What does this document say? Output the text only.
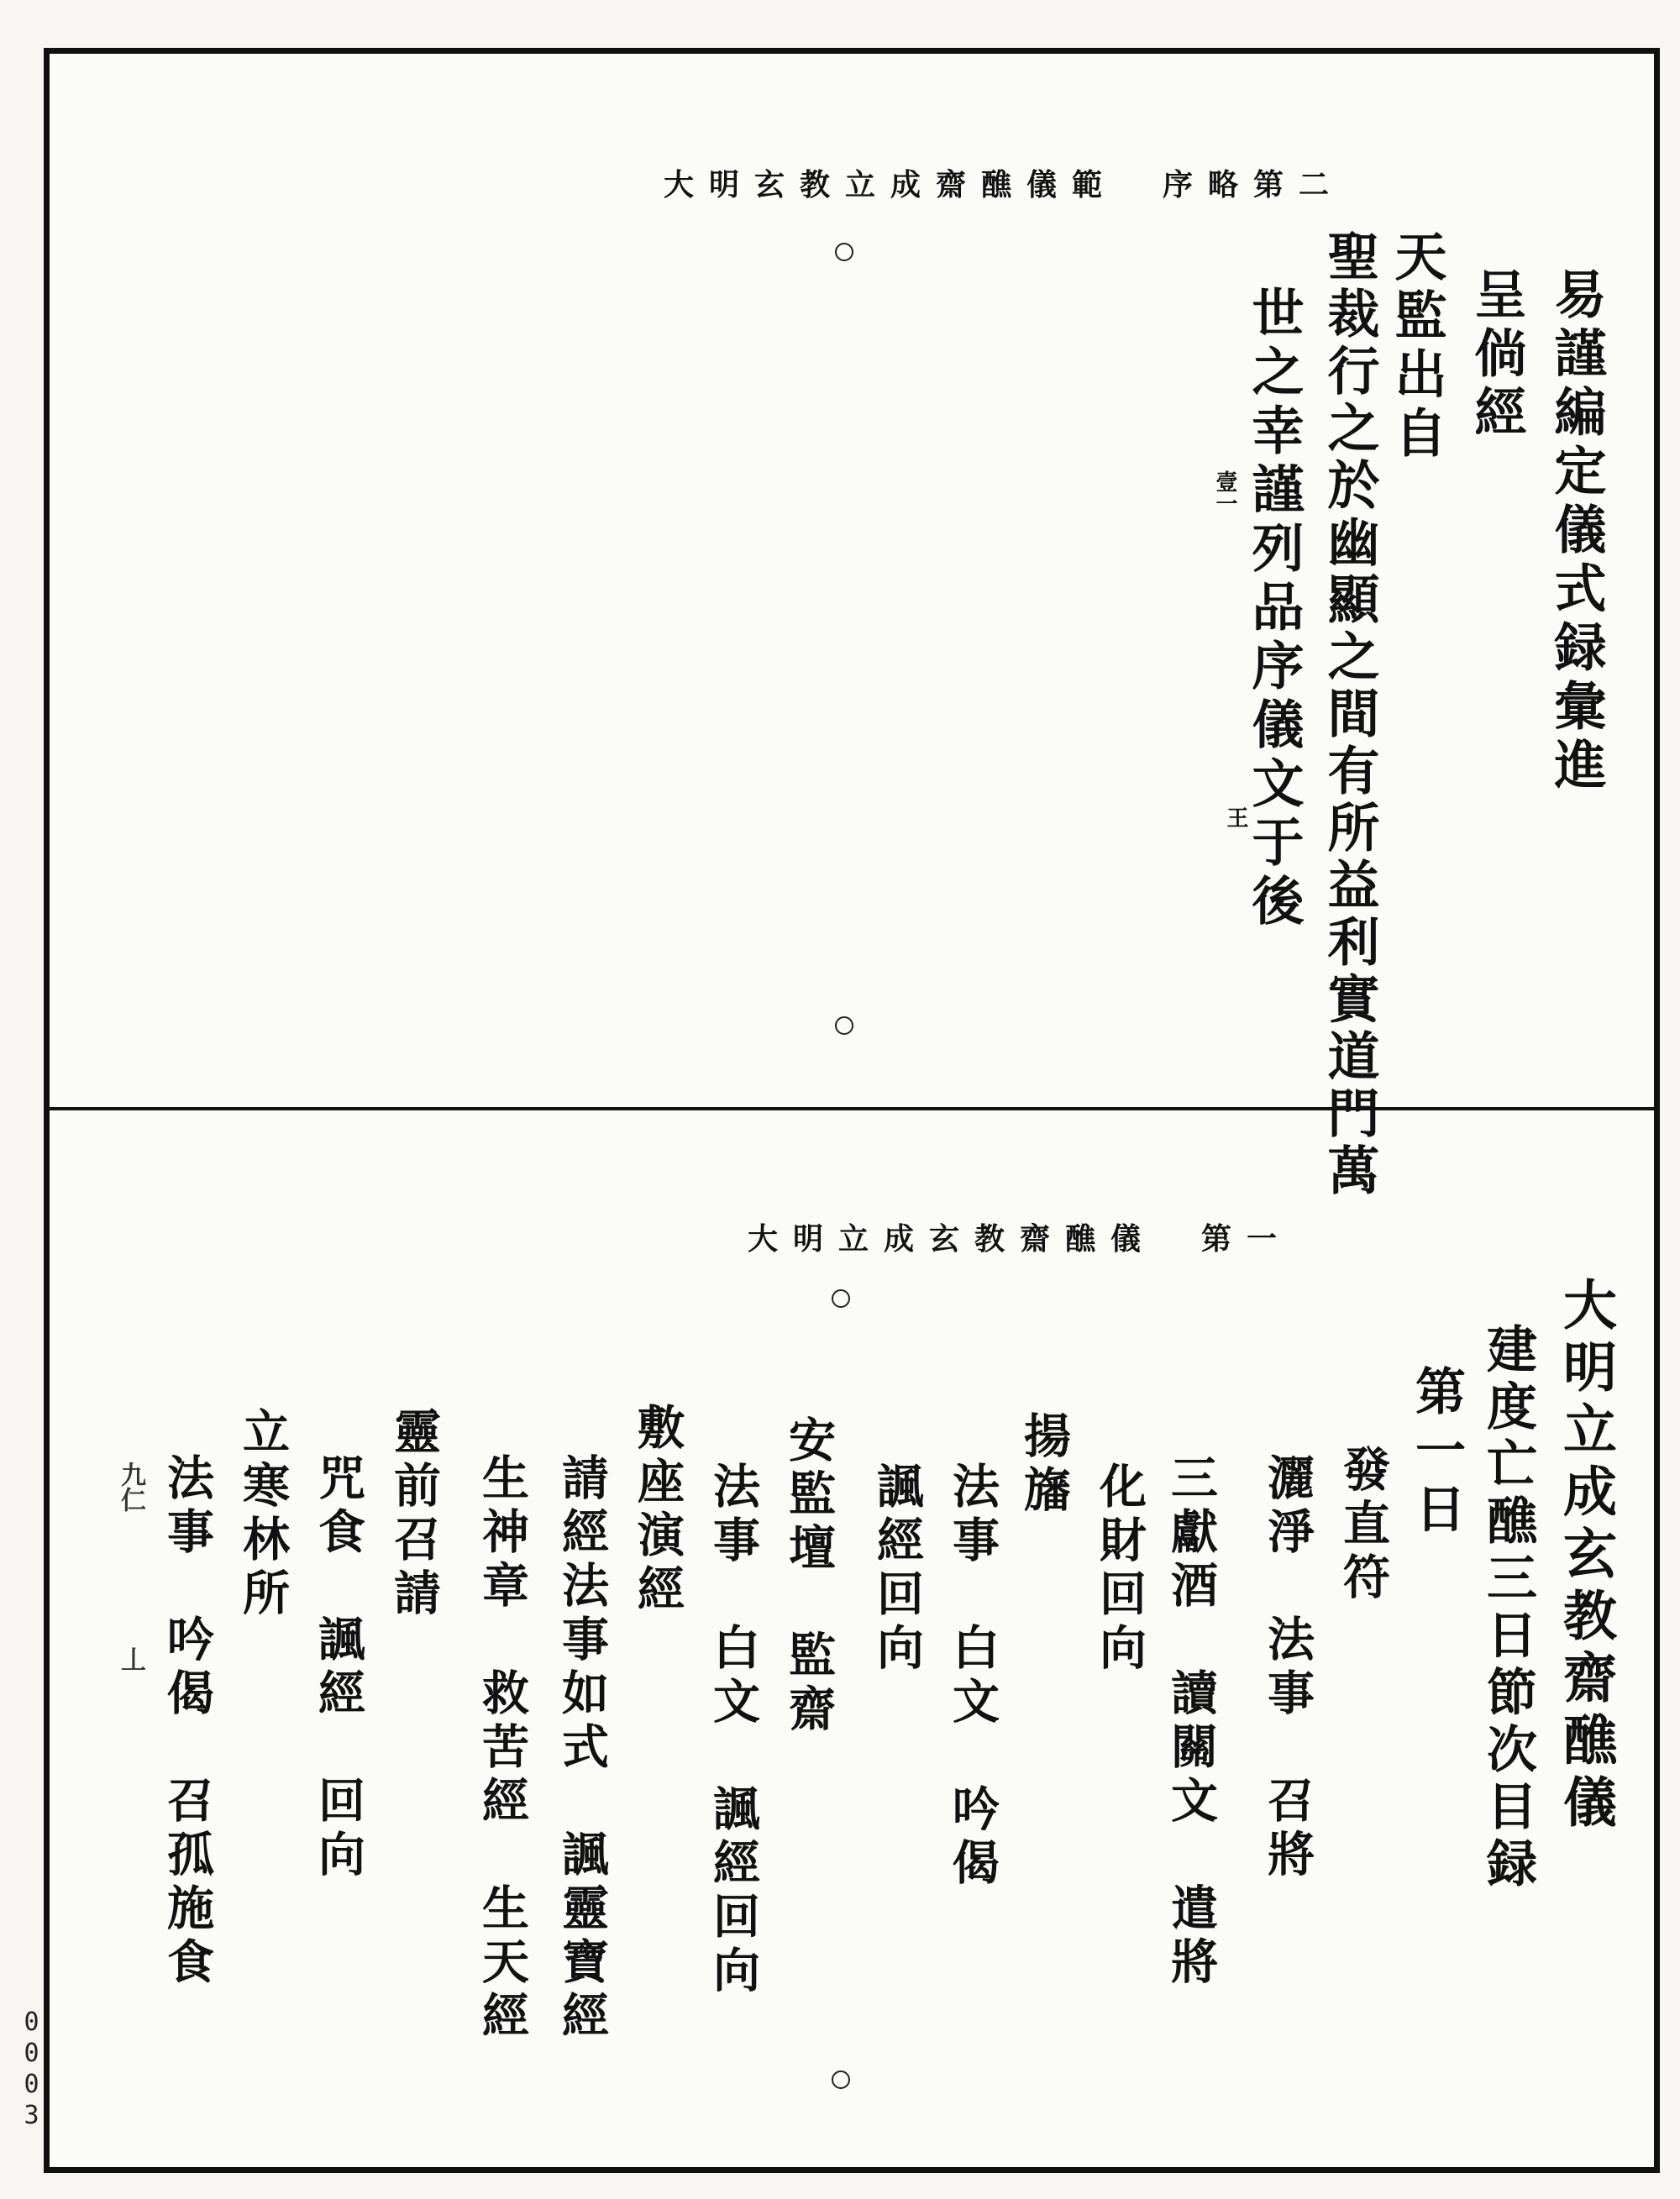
大明玄教立成齋醮儀範　序略第二
易謹編定儀式録彙進
呈倘經
天監出自
聖裁行之於幽顯之間有所益利實道門萬
世之幸謹列品序儀文于後
壹一
王
大明立成玄教齋醮儀　第一
大明立成玄教齋醮儀
建度亡醮三日節次目録
第一日
發直符
灑淨　法事　召將
三獻酒　讀關文　遣將
化財回向
揚旛
法事　白文　吟偈
諷經回向
安監壇　監齋
法事　白文　諷經回向
敷座演經
請經法事如式　諷靈寶經
生神章　救苦經　生天經
靈前召請
咒食　諷經　回向
立寒林所
法事　吟偈　召孤施食
九仁
丄
0003
